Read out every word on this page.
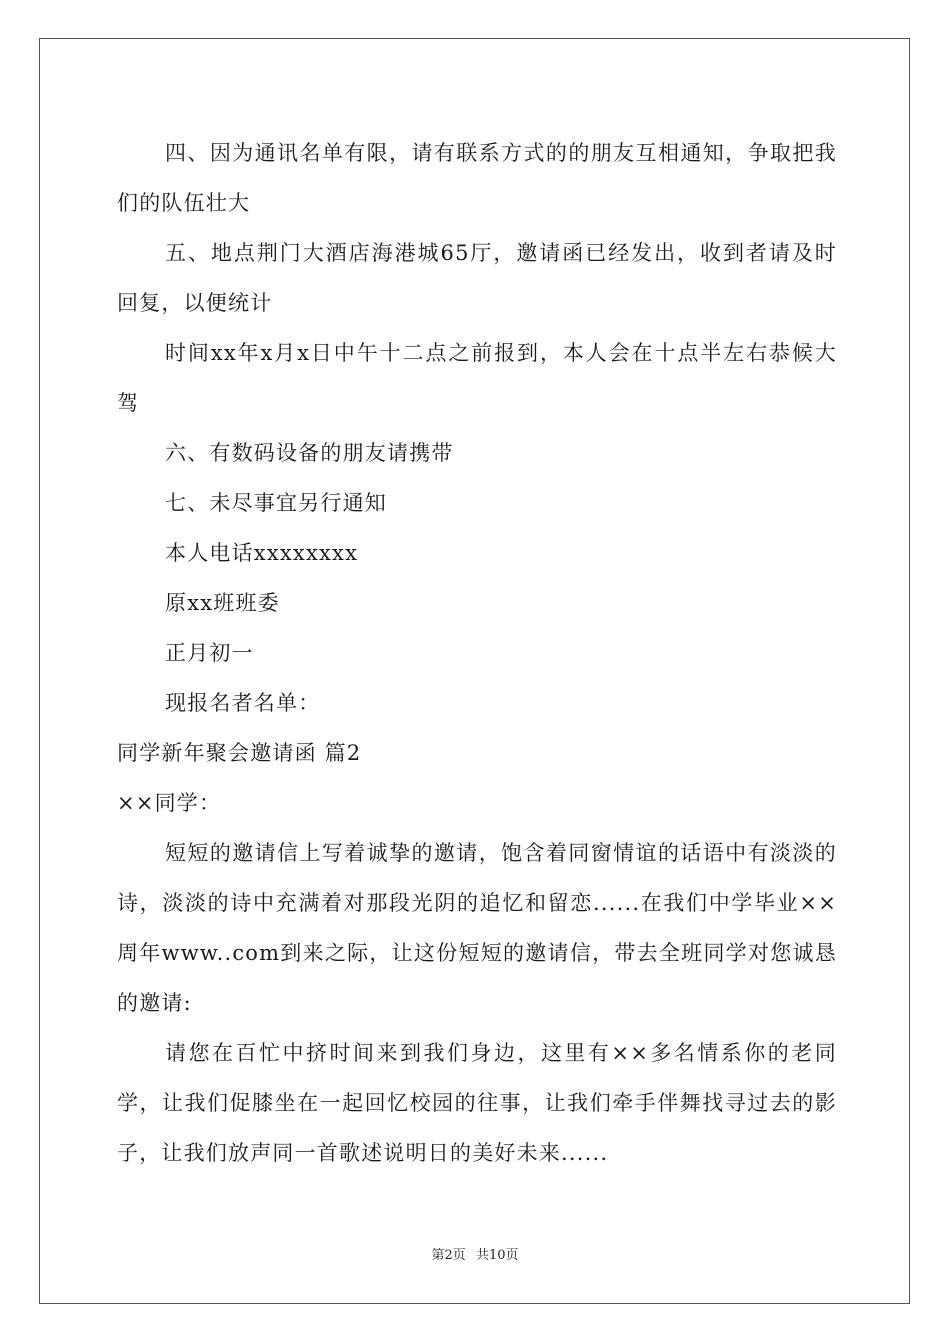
四、因为通讯名单有限，请有联系方式的的朋友互相通知，争取把我们的队伍壮大

五、地点荆门大酒店海港城65厅，邀请函已经发出，收到者请及时回复，以便统计

时间xx年x月x日中午十二点之前报到，本人会在十点半左右恭候大驾

六、有数码设备的朋友请携带

七、未尽事宜另行通知

本人电话xxxxxxxx

原xx班班委

正月初一

现报名者名单：

同学新年聚会邀请函 篇2

××同学：

短短的邀请信上写着诚挚的邀请，饱含着同窗情谊的话语中有淡淡的诗，淡淡的诗中充满着对那段光阴的追忆和留恋......在我们中学毕业××周年www..com到来之际，让这份短短的邀请信，带去全班同学对您诚恳的邀请:

请您在百忙中挤时间来到我们身边，这里有××多名情系你的老同学，让我们促膝坐在一起回忆校园的往事，让我们牵手伴舞找寻过去的影子，让我们放声同一首歌述说明日的美好未来......

第2页 共10页
